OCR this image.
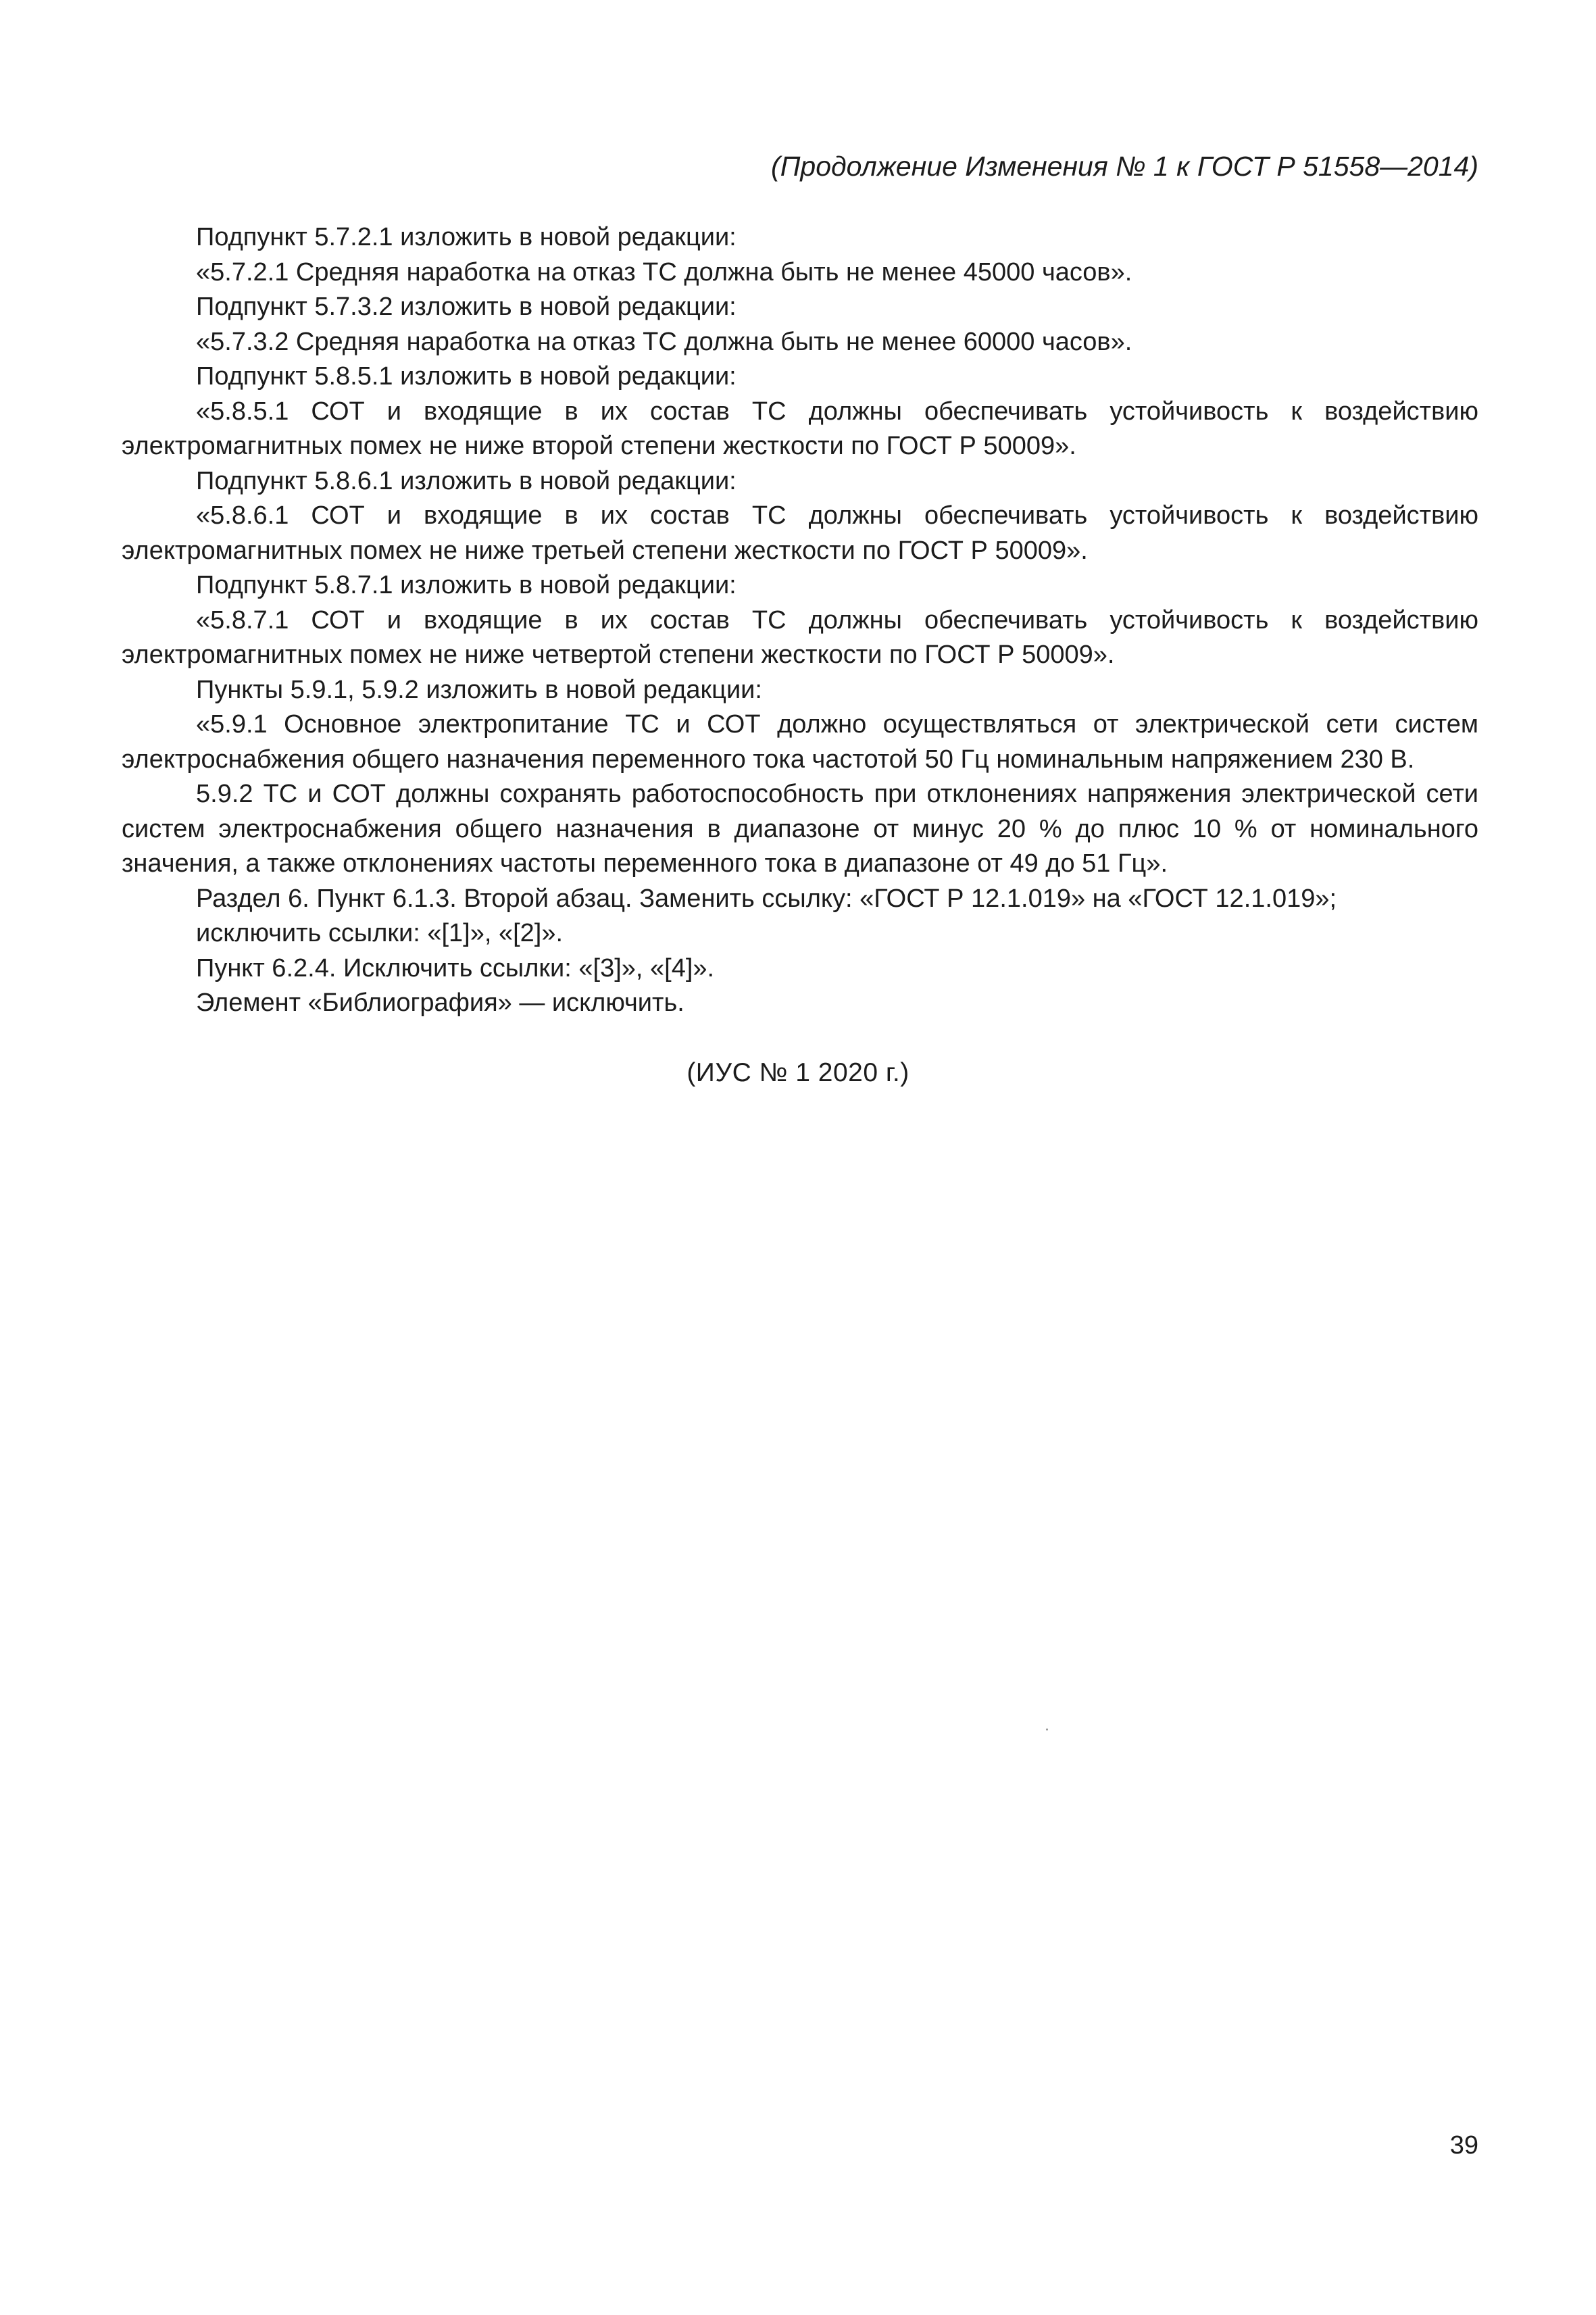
(Продолжение Изменения № 1 к ГОСТ Р 51558—2014)

Подпункт 5.7.2.1 изложить в новой редакции:

«5.7.2.1 Средняя наработка на отказ ТС должна быть не менее 45000 часов».

Подпункт 5.7.3.2 изложить в новой редакции:

«5.7.3.2 Средняя наработка на отказ ТС должна быть не менее 60000 часов».

Подпункт 5.8.5.1 изложить в новой редакции:

«5.8.5.1 СОТ и входящие в их состав ТС должны обеспечивать устойчивость к воздействию электромагнитных помех не ниже второй степени жесткости по ГОСТ Р 50009».

Подпункт 5.8.6.1 изложить в новой редакции:

«5.8.6.1 СОТ и входящие в их состав ТС должны обеспечивать устойчивость к воздействию электромагнитных помех не ниже третьей степени жесткости по ГОСТ Р 50009».

Подпункт 5.8.7.1 изложить в новой редакции:

«5.8.7.1 СОТ и входящие в их состав ТС должны обеспечивать устойчивость к воздействию электромагнитных помех не ниже четвертой степени жесткости по ГОСТ Р 50009».

Пункты 5.9.1, 5.9.2 изложить в новой редакции:

«5.9.1 Основное электропитание ТС и СОТ должно осуществляться от электрической сети систем электроснабжения общего назначения переменного тока частотой 50 Гц номинальным напряжением 230 В.

5.9.2 ТС и СОТ должны сохранять работоспособность при отклонениях напряжения электрической сети систем электроснабжения общего назначения в диапазоне от минус 20 % до плюс 10 % от номинального значения, а также отклонениях частоты переменного тока в диапазоне от 49 до 51 Гц».

Раздел 6. Пункт 6.1.3. Второй абзац. Заменить ссылку: «ГОСТ Р 12.1.019» на «ГОСТ 12.1.019»;

исключить ссылки: «[1]», «[2]».

Пункт 6.2.4. Исключить ссылки: «[3]», «[4]».

Элемент «Библиография» — исключить.

(ИУС № 1 2020 г.)
39
